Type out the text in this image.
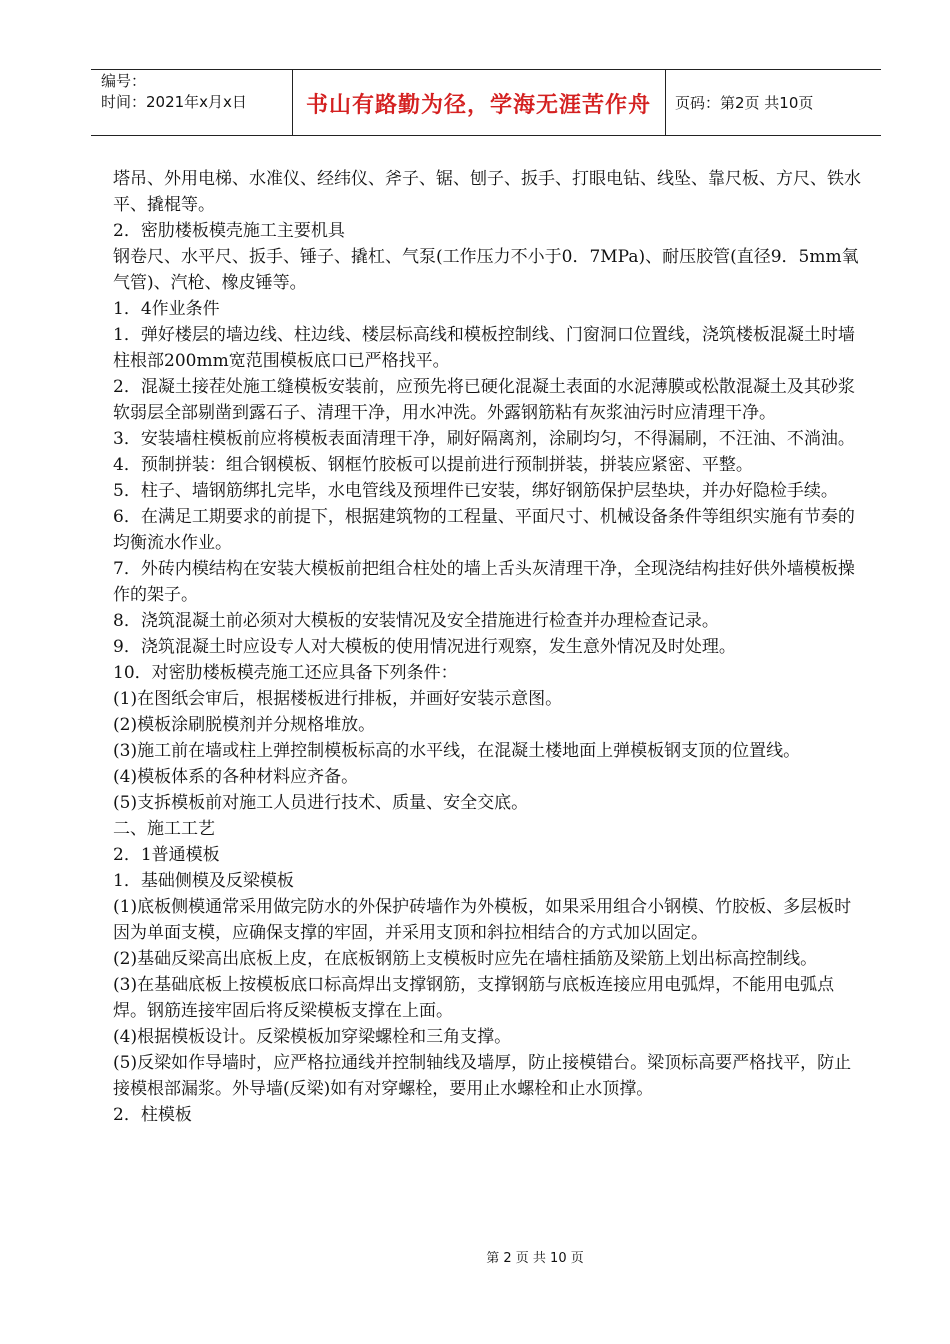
编号：
时间：2021年x月x日	书山有路勤为径，学海无涯苦作舟	页码：第2页 共10页

塔吊、外用电梯、水准仪、经纬仪、斧子、锯、刨子、扳手、打眼电钻、线坠、靠尺板、方尺、铁水平、撬棍等。

2．密肋楼板模壳施工主要机具

钢卷尺、水平尺、扳手、锤子、撬杠、气泵(工作压力不小于0．7MPa)、耐压胶管(直径9．5mm氧气管)、汽枪、橡皮锤等。

1．4作业条件

1．弹好楼层的墙边线、柱边线、楼层标高线和模板控制线、门窗洞口位置线，浇筑楼板混凝土时墙柱根部200mm宽范围模板底口已严格找平。

2．混凝土接茬处施工缝模板安装前，应预先将已硬化混凝土表面的水泥薄膜或松散混凝土及其砂浆软弱层全部剔凿到露石子、清理干净，用水冲洗。外露钢筋粘有灰浆油污时应清理干净。

3．安装墙柱模板前应将模板表面清理干净，刷好隔离剂，涂刷均匀，不得漏刷，不汪油、不淌油。

4．预制拼装：组合钢模板、钢框竹胶板可以提前进行预制拼装，拼装应紧密、平整。

5．柱子、墙钢筋绑扎完毕，水电管线及预埋件已安装，绑好钢筋保护层垫块，并办好隐检手续。

6．在满足工期要求的前提下，根据建筑物的工程量、平面尺寸、机械设备条件等组织实施有节奏的均衡流水作业。

7．外砖内模结构在安装大模板前把组合柱处的墙上舌头灰清理干净，全现浇结构挂好供外墙模板操作的架子。

8．浇筑混凝土前必须对大模板的安装情况及安全措施进行检查并办理检查记录。

9．浇筑混凝土时应设专人对大模板的使用情况进行观察，发生意外情况及时处理。

10．对密肋楼板模壳施工还应具备下列条件：

(1)在图纸会审后，根据楼板进行排板，并画好安装示意图。

(2)模板涂刷脱模剂并分规格堆放。

(3)施工前在墙或柱上弹控制模板标高的水平线，在混凝土楼地面上弹模板钢支顶的位置线。

(4)模板体系的各种材料应齐备。

(5)支拆模板前对施工人员进行技术、质量、安全交底。

二、施工工艺

2．1普通模板

1．基础侧模及反梁模板

(1)底板侧模通常采用做完防水的外保护砖墙作为外模板，如果采用组合小钢模、竹胶板、多层板时因为单面支模，应确保支撑的牢固，并采用支顶和斜拉相结合的方式加以固定。

(2)基础反梁高出底板上皮，在底板钢筋上支模板时应先在墙柱插筋及梁筋上划出标高控制线。

(3)在基础底板上按模板底口标高焊出支撑钢筋，支撑钢筋与底板连接应用电弧焊，不能用电弧点焊。钢筋连接牢固后将反梁模板支撑在上面。

(4)根据模板设计。反梁模板加穿梁螺栓和三角支撑。

(5)反梁如作导墙时，应严格拉通线并控制轴线及墙厚，防止接模错台。梁顶标高要严格找平，防止接模根部漏浆。外导墙(反梁)如有对穿螺栓，要用止水螺栓和止水顶撑。

2．柱模板

第 2 页 共 10 页
